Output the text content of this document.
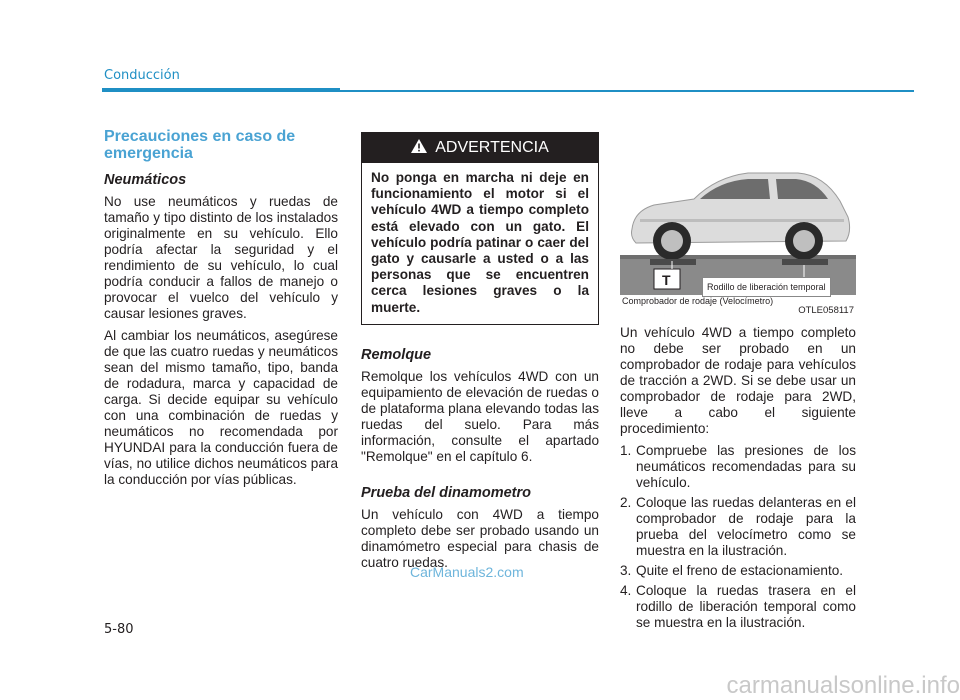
Conducción
Precauciones en caso de emergencia
Neumáticos

No use neumáticos y ruedas de tamaño y tipo distinto de los instalados originalmente en su vehículo. Ello podría afectar la seguridad y el rendimiento de su vehículo, lo cual podría conducir a fallos de manejo o provocar el vuelco del vehículo y causar lesiones graves.

Al cambiar los neumáticos, asegúrese de que las cuatro ruedas y neumáticos sean del mismo tamaño, tipo, banda de rodadura, marca y capacidad de carga. Si decide equipar su vehículo con una combinación de ruedas y neumáticos no recomendada por HYUNDAI para la conducción fuera de vías, no utilice dichos neumáticos para la conducción por vías públicas.

ADVERTENCIA
No ponga en marcha ni deje en funcionamiento el motor si el vehículo 4WD a tiempo completo está elevado con un gato. El vehículo podría patinar o caer del gato y causarle a usted o a las personas que se encuentren cerca lesiones graves o la muerte.
Remolque

Remolque los vehículos 4WD con un equipamiento de elevación de ruedas o de plataforma plana elevando todas las ruedas del suelo. Para más información, consulte el apartado "Remolque" en el capítulo 6.

Prueba del dinamometro

Un vehículo con 4WD a tiempo completo debe ser probado usando un dinamómetro especial para chasis de cuatro ruedas.

T	Rodillo de liberación temporal
Comprobador de rodaje (Velocímetro)
OTLE058117

Un vehículo 4WD a tiempo completo no debe ser probado en un comprobador de rodaje para vehículos de tracción a 2WD. Si se debe usar un comprobador de rodaje para 2WD, lleve a cabo el siguiente procedimiento:

1. Compruebe las presiones de los neumáticos recomendadas para su vehículo.
2. Coloque las ruedas delanteras en el comprobador de rodaje para la prueba del velocímetro como se muestra en la ilustración.
3. Quite el freno de estacionamiento.
4. Coloque la ruedas trasera en el rodillo de liberación temporal como se muestra en la ilustración.
5-80
CarManuals2.com
carmanualsonline.info
